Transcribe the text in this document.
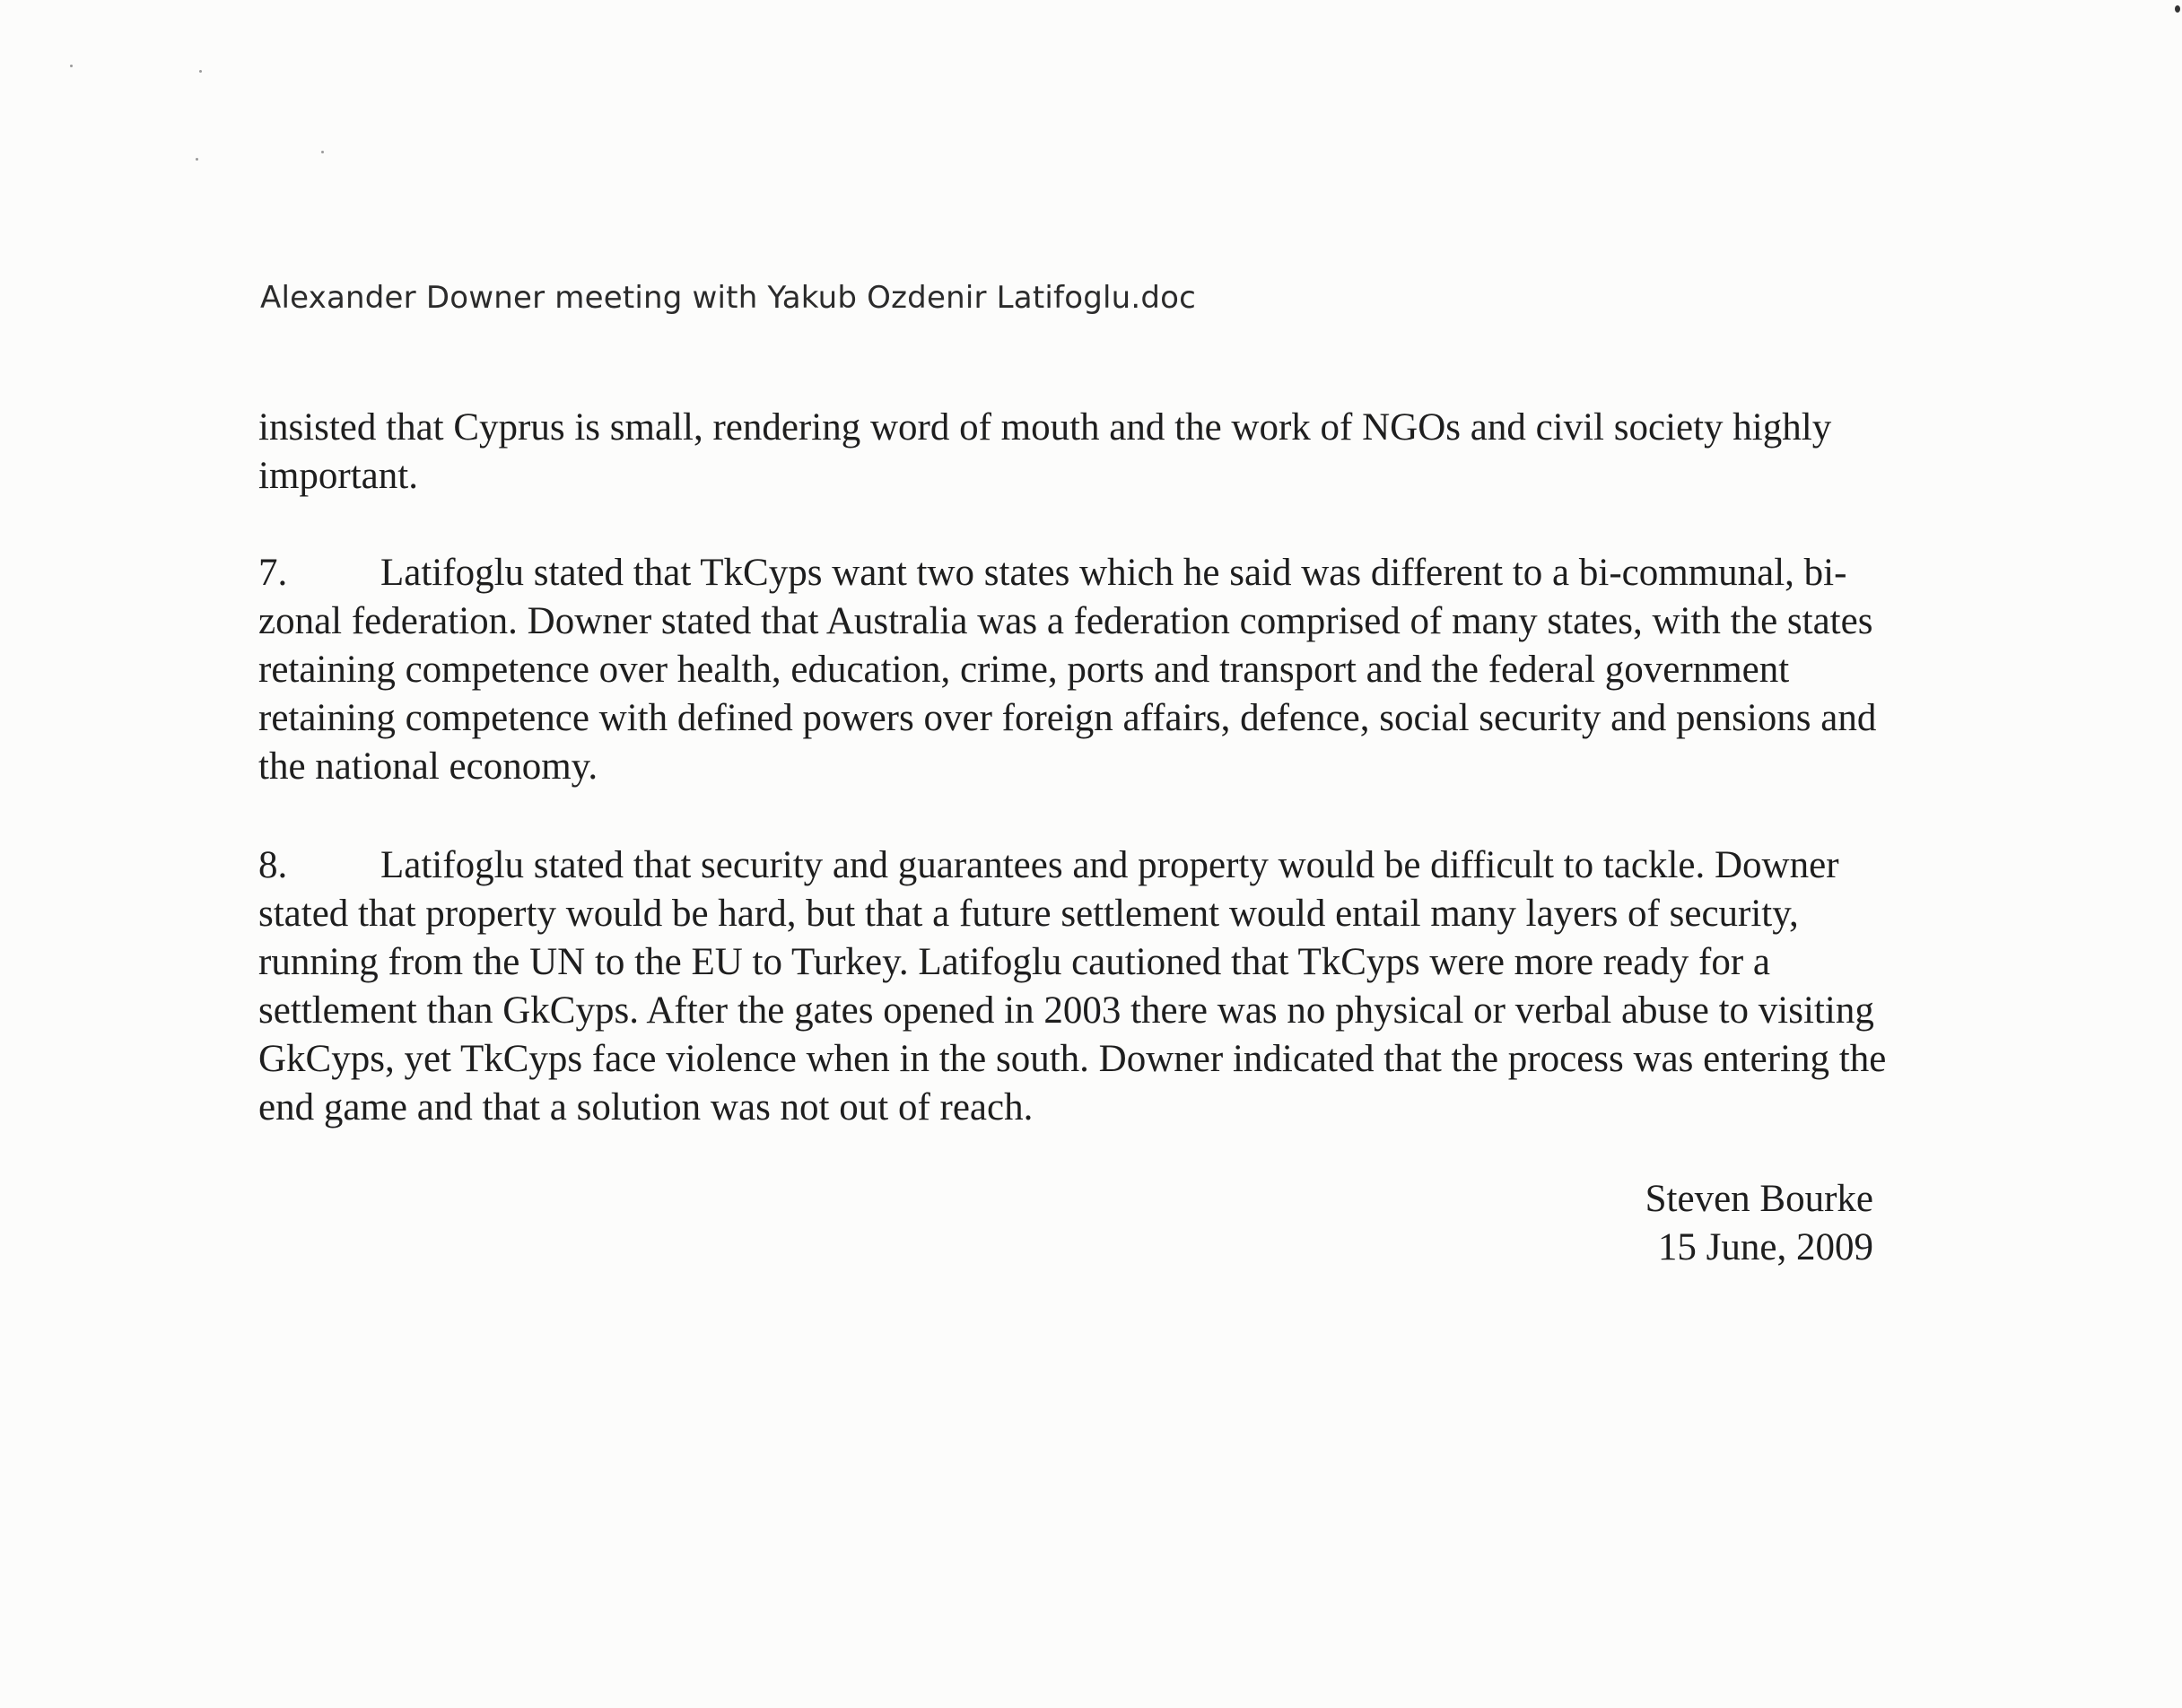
Alexander Downer meeting with Yakub Ozdenir Latifoglu.doc

insisted that Cyprus is small, rendering word of mouth and the work of NGOs and civil society highly important.

7. Latifoglu stated that TkCyps want two states which he said was different to a bi-communal, bi-zonal federation. Downer stated that Australia was a federation comprised of many states, with the states retaining competence over health, education, crime, ports and transport and the federal government retaining competence with defined powers over foreign affairs, defence, social security and pensions and the national economy.

8. Latifoglu stated that security and guarantees and property would be difficult to tackle. Downer stated that property would be hard, but that a future settlement would entail many layers of security, running from the UN to the EU to Turkey. Latifoglu cautioned that TkCyps were more ready for a settlement than GkCyps. After the gates opened in 2003 there was no physical or verbal abuse to visiting GkCyps, yet TkCyps face violence when in the south. Downer indicated that the process was entering the end game and that a solution was not out of reach.

Steven Bourke
15 June, 2009
